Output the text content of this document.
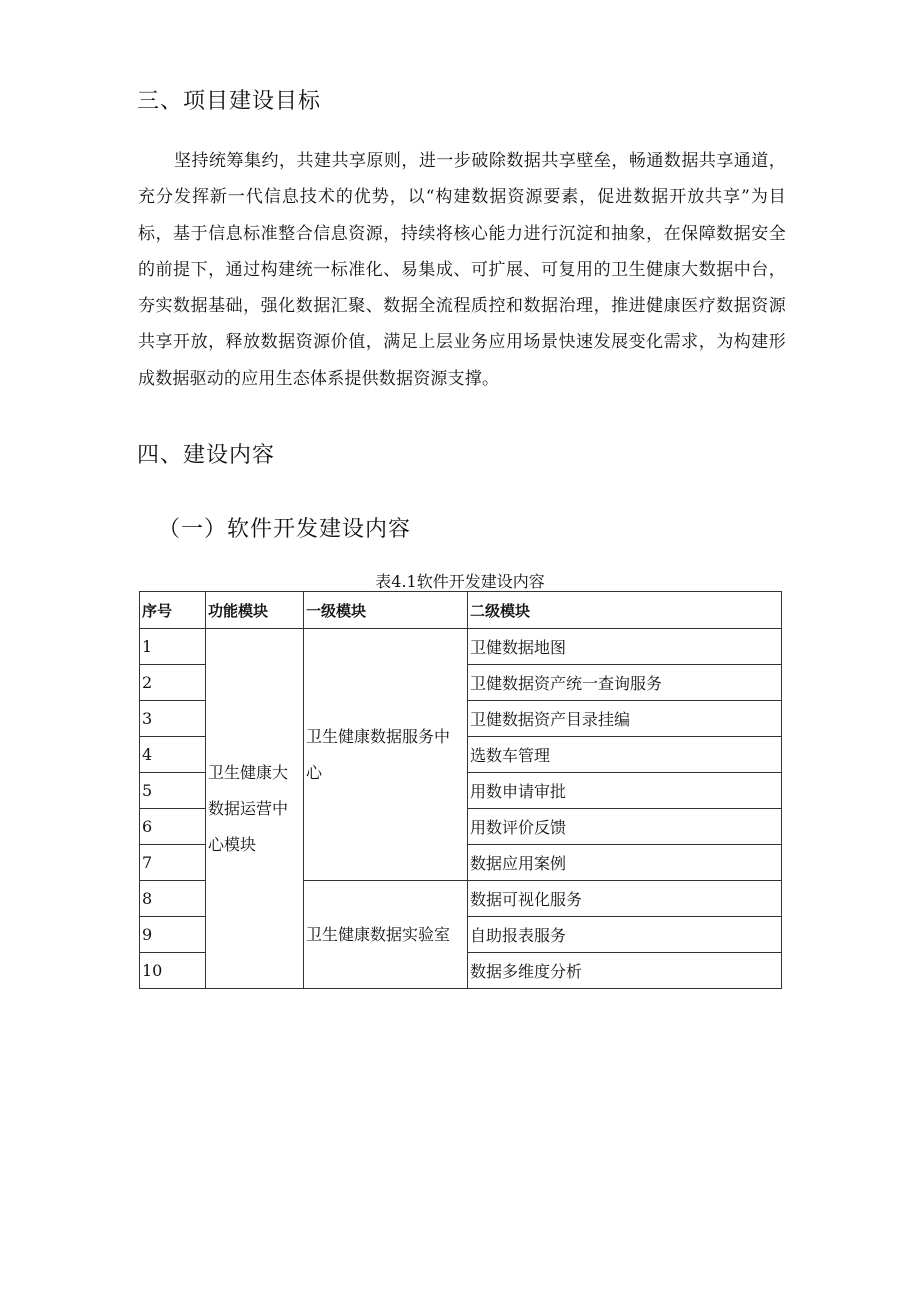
三、项目建设目标
坚持统筹集约，共建共享原则，进一步破除数据共享壁垒，畅通数据共享通道，充分发挥新一代信息技术的优势，以“构建数据资源要素，促进数据开放共享”为目标，基于信息标准整合信息资源，持续将核心能力进行沉淀和抽象，在保障数据安全的前提下，通过构建统一标准化、易集成、可扩展、可复用的卫生健康大数据中台，夯实数据基础，强化数据汇聚、数据全流程质控和数据治理，推进健康医疗数据资源共享开放，释放数据资源价值，满足上层业务应用场景快速发展变化需求，为构建形成数据驱动的应用生态体系提供数据资源支撑。
四、建设内容
（一）软件开发建设内容
表4.1软件开发建设内容
序号	功能模块	一级模块	二级模块
1	卫生健康大数据运营中心模块	卫生健康数据服务中心	卫健数据地图
2			卫健数据资产统一查询服务
3			卫健数据资产目录挂编
4			选数车管理
5			用数申请审批
6			用数评价反馈
7			数据应用案例
8		卫生健康数据实验室	数据可视化服务
9			自助报表服务
10			数据多维度分析
